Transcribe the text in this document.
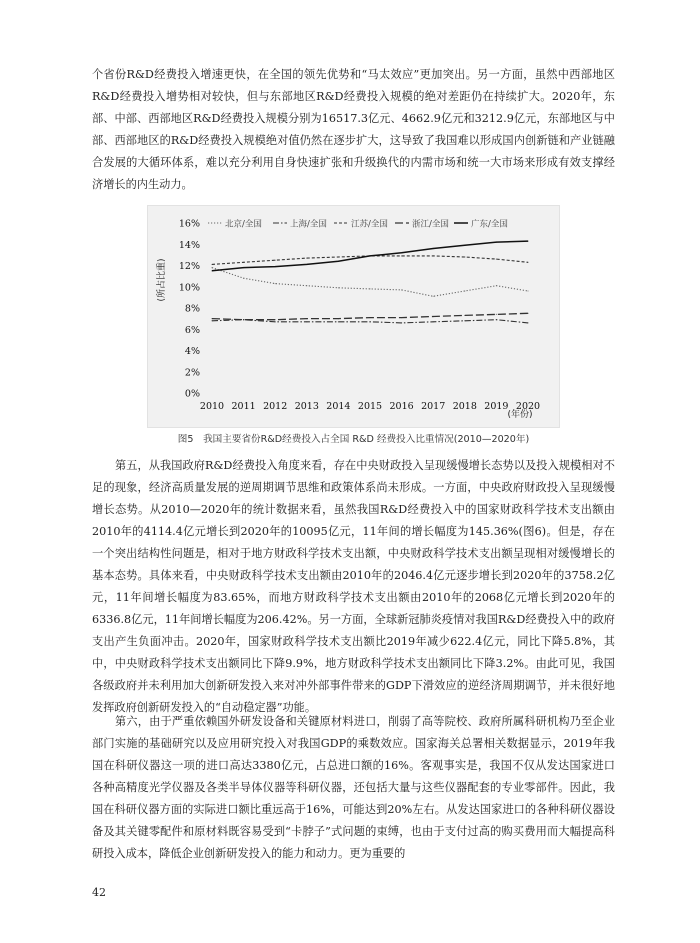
个省份R&D经费投入增速更快，在全国的领先优势和“马太效应”更加突出。另一方面，虽然中西部地区R&D经费投入增势相对较快，但与东部地区R&D经费投入规模的绝对差距仍在持续扩大。2020年，东部、中部、西部地区R&D经费投入规模分别为16517.3亿元、4662.9亿元和3212.9亿元，东部地区与中部、西部地区的R&D经费投入规模绝对值仍然在逐步扩大，这导致了我国难以形成国内创新链和产业链融合发展的大循环体系，难以充分利用自身快速扩张和升级换代的内需市场和统一大市场来形成有效支撑经济增长的内生动力。

北京/全国	上海/全国	江苏/全国	浙江/全国	广东/全国
0%
2%
4%
6%
8%
10%
12%
14%
16%
2010 2011 2012 2013 2014 2015 2016 2017 2018 2019 2020
(所占比重)
(年份)
图5　我国主要省份R&D经费投入占全国 R&D 经费投入比重情况(2010—2020年)

第五，从我国政府R&D经费投入角度来看，存在中央财政投入呈现缓慢增长态势以及投入规模相对不足的现象，经济高质量发展的逆周期调节思维和政策体系尚未形成。一方面，中央政府财政投入呈现缓慢增长态势。从2010—2020年的统计数据来看，虽然我国R&D经费投入中的国家财政科学技术支出额由2010年的4114.4亿元增长到2020年的10095亿元，11年间的增长幅度为145.36%(图6)。但是，存在一个突出结构性问题是，相对于地方财政科学技术支出额，中央财政科学技术支出额呈现相对缓慢增长的基本态势。具体来看，中央财政科学技术支出额由2010年的2046.4亿元逐步增长到2020年的3758.2亿元，11年间增长幅度为83.65%，而地方财政科学技术支出额由2010年的2068亿元增长到2020年的6336.8亿元，11年间增长幅度为206.42%。另一方面，全球新冠肺炎疫情对我国R&D经费投入中的政府支出产生负面冲击。2020年，国家财政科学技术支出额比2019年减少622.4亿元，同比下降5.8%，其中，中央财政科学技术支出额同比下降9.9%，地方财政科学技术支出额同比下降3.2%。由此可见，我国各级政府并未利用加大创新研发投入来对冲外部事件带来的GDP下滑效应的逆经济周期调节，并未很好地发挥政府创新研发投入的“自动稳定器”功能。

第六，由于严重依赖国外研发设备和关键原材料进口，削弱了高等院校、政府所属科研机构乃至企业部门实施的基础研究以及应用研究投入对我国GDP的乘数效应。国家海关总署相关数据显示，2019年我国在科研仪器这一项的进口高达3380亿元，占总进口额的16%。客观事实是，我国不仅从发达国家进口各种高精度光学仪器及各类半导体仪器等科研仪器，还包括大量与这些仪器配套的专业零部件。因此，我国在科研仪器方面的实际进口额比重远高于16%，可能达到20%左右。从发达国家进口的各种科研仪器设备及其关键零配件和原材料既容易受到“卡脖子”式问题的束缚，也由于支付过高的购买费用而大幅提高科研投入成本，降低企业创新研发投入的能力和动力。更为重要的

42
